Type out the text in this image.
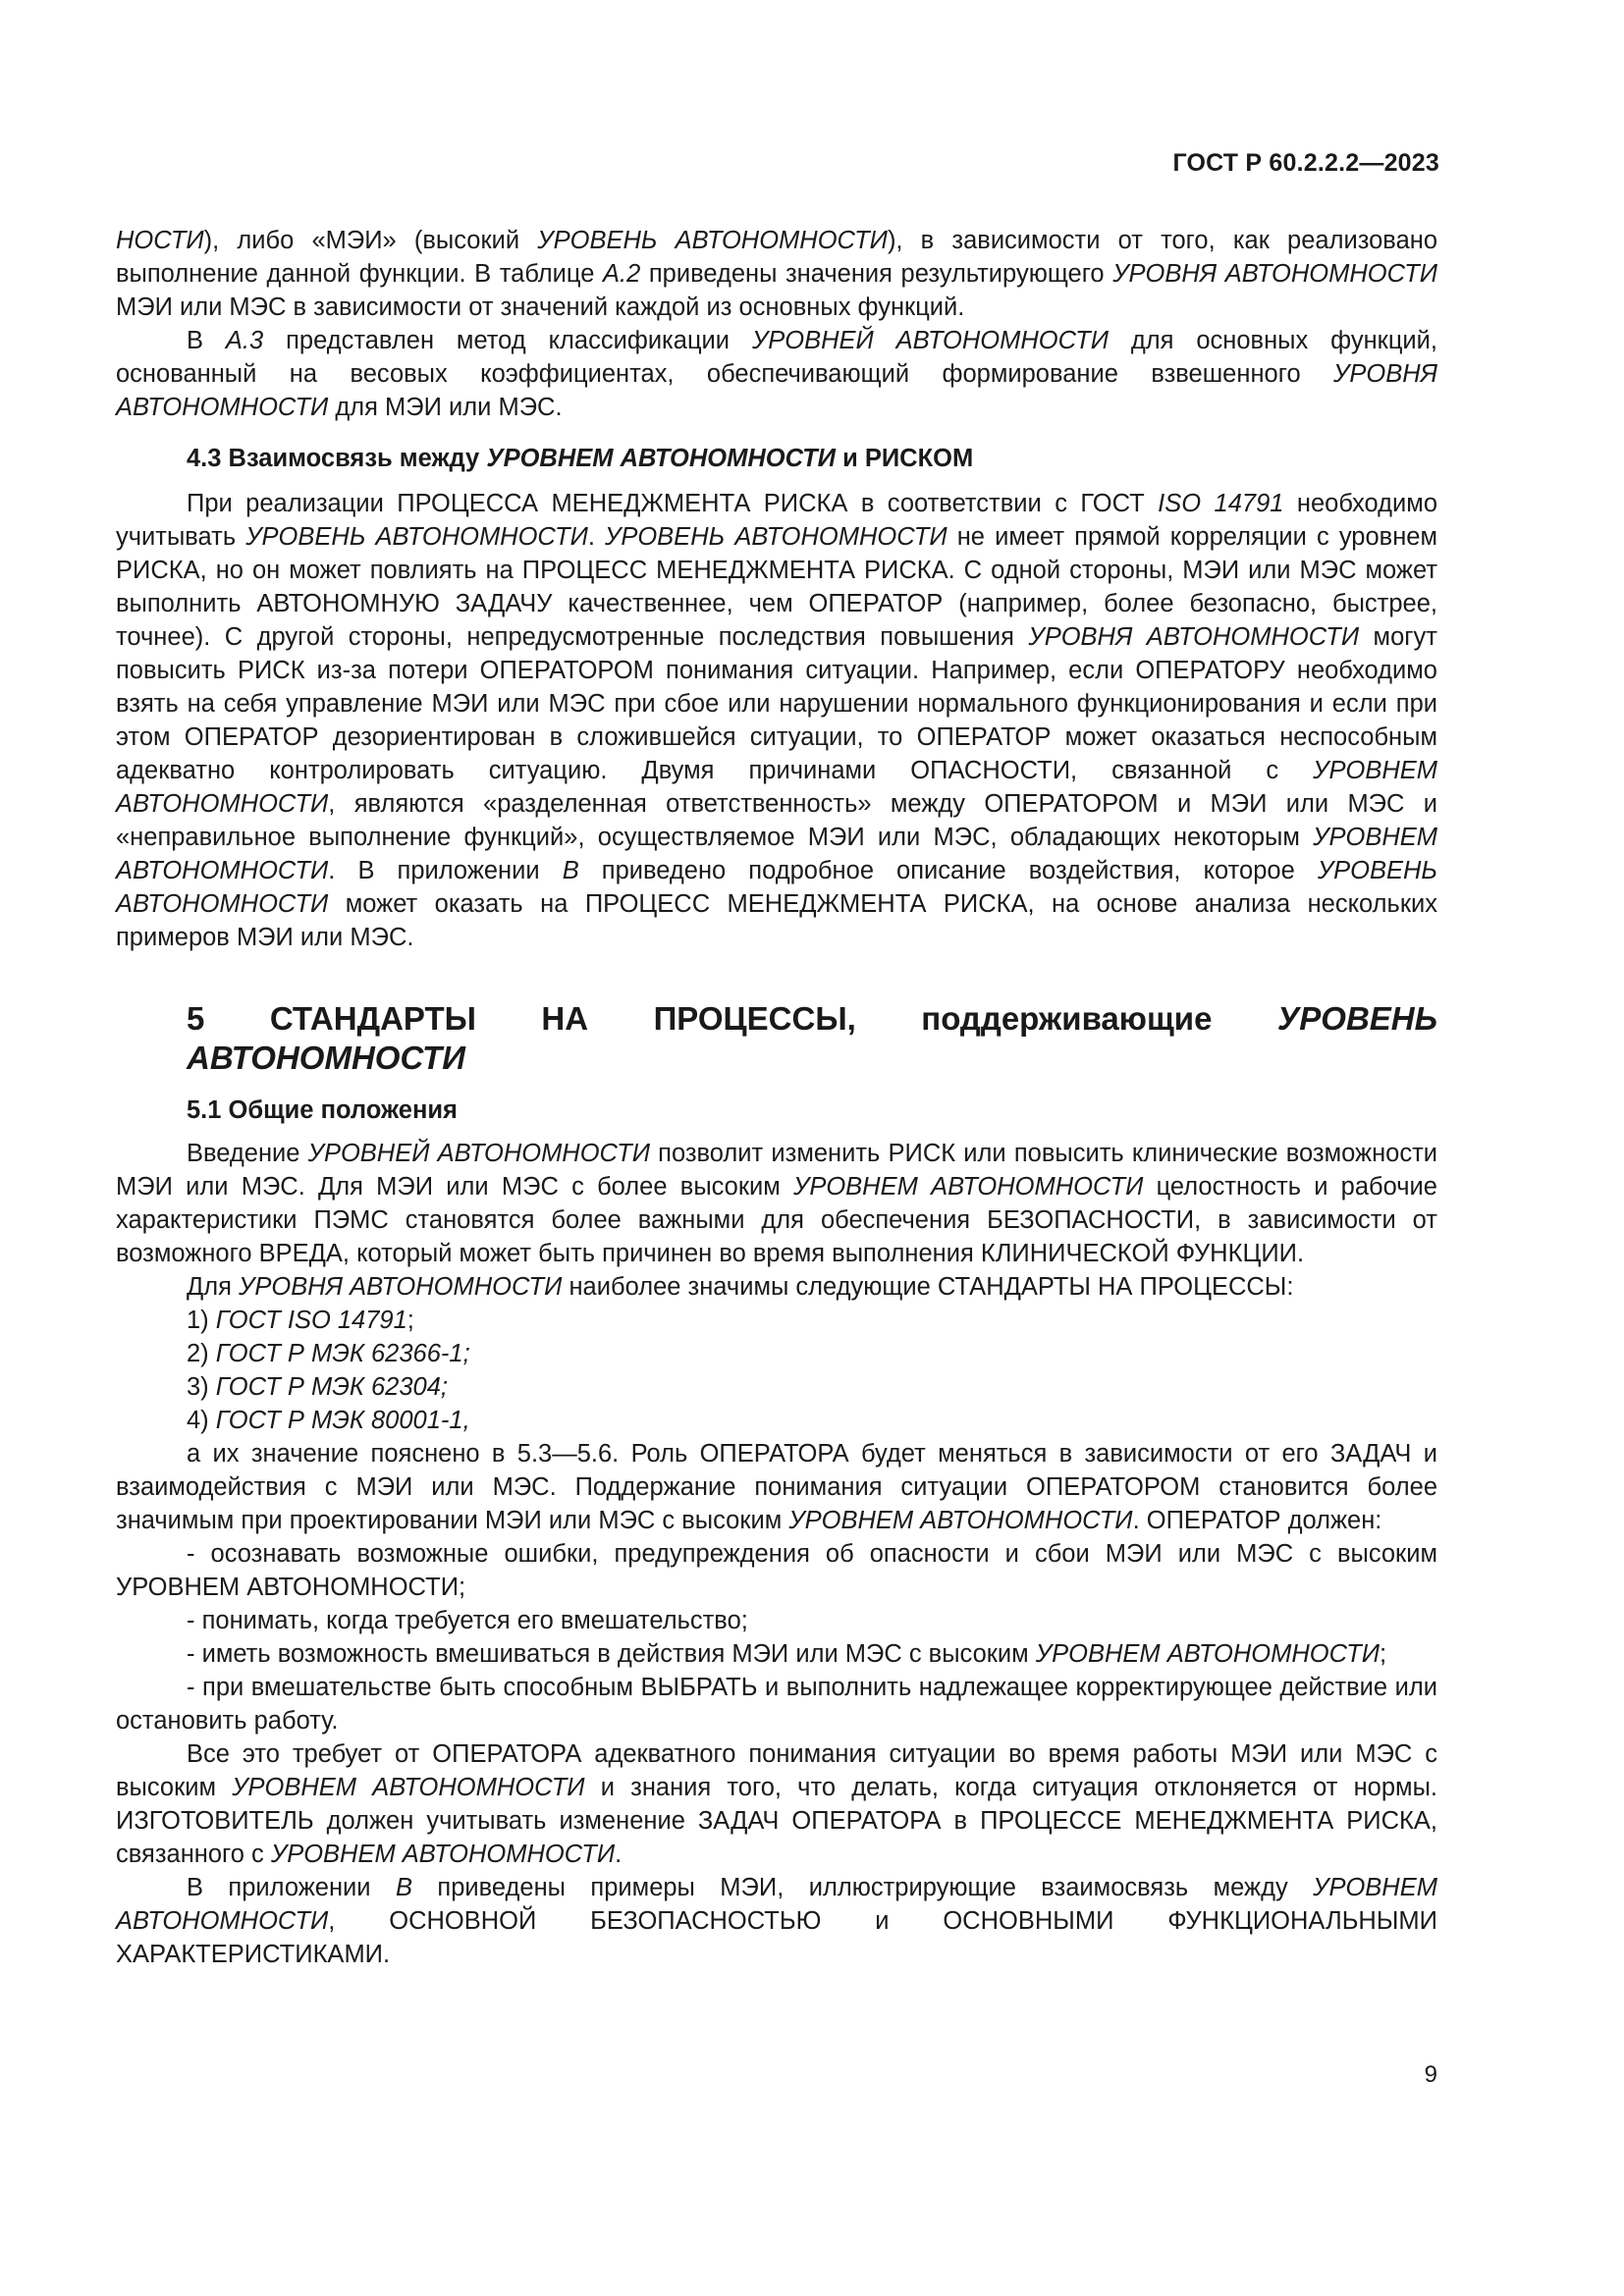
ГОСТ Р 60.2.2.2—2023

НОСТИ), либо «МЭИ» (высокий УРОВЕНЬ АВТОНОМНОСТИ), в зависимости от того, как реализовано выполнение данной функции. В таблице А.2 приведены значения результирующего УРОВНЯ АВТОНОМНОСТИ МЭИ или МЭС в зависимости от значений каждой из основных функций.

В А.3 представлен метод классификации УРОВНЕЙ АВТОНОМНОСТИ для основных функций, основанный на весовых коэффициентах, обеспечивающий формирование взвешенного УРОВНЯ АВТОНОМНОСТИ для МЭИ или МЭС.

4.3 Взаимосвязь между УРОВНЕМ АВТОНОМНОСТИ и РИСКОМ

При реализации ПРОЦЕССА МЕНЕДЖМЕНТА РИСКА в соответствии с ГОСТ ISO 14791 необходимо учитывать УРОВЕНЬ АВТОНОМНОСТИ. УРОВЕНЬ АВТОНОМНОСТИ не имеет прямой корреляции с уровнем РИСКА, но он может повлиять на ПРОЦЕСС МЕНЕДЖМЕНТА РИСКА. С одной стороны, МЭИ или МЭС может выполнить АВТОНОМНУЮ ЗАДАЧУ качественнее, чем ОПЕРАТОР (например, более безопасно, быстрее, точнее). С другой стороны, непредусмотренные последствия повышения УРОВНЯ АВТОНОМНОСТИ могут повысить РИСК из-за потери ОПЕРАТОРОМ понимания ситуации. Например, если ОПЕРАТОРУ необходимо взять на себя управление МЭИ или МЭС при сбое или нарушении нормального функционирования и если при этом ОПЕРАТОР дезориентирован в сложившейся ситуации, то ОПЕРАТОР может оказаться неспособным адекватно контролировать ситуацию. Двумя причинами ОПАСНОСТИ, связанной с УРОВНЕМ АВТОНОМНОСТИ, являются «разделенная ответственность» между ОПЕРАТОРОМ и МЭИ или МЭС и «неправильное выполнение функций», осуществляемое МЭИ или МЭС, обладающих некоторым УРОВНЕМ АВТОНОМНОСТИ. В приложении В приведено подробное описание воздействия, которое УРОВЕНЬ АВТОНОМНОСТИ может оказать на ПРОЦЕСС МЕНЕДЖМЕНТА РИСКА, на основе анализа нескольких примеров МЭИ или МЭС.

5 СТАНДАРТЫ НА ПРОЦЕССЫ, поддерживающие УРОВЕНЬ АВТОНОМНОСТИ

5.1 Общие положения

Введение УРОВНЕЙ АВТОНОМНОСТИ позволит изменить РИСК или повысить клинические возможности МЭИ или МЭС. Для МЭИ или МЭС с более высоким УРОВНЕМ АВТОНОМНОСТИ целостность и рабочие характеристики ПЭМС становятся более важными для обеспечения БЕЗОПАСНОСТИ, в зависимости от возможного ВРЕДА, который может быть причинен во время выполнения КЛИНИЧЕСКОЙ ФУНКЦИИ.

Для УРОВНЯ АВТОНОМНОСТИ наиболее значимы следующие СТАНДАРТЫ НА ПРОЦЕССЫ:

1) ГОСТ ISO 14791;

2) ГОСТ Р МЭК 62366-1;

3) ГОСТ Р МЭК 62304;

4) ГОСТ Р МЭК 80001-1,

а их значение пояснено в 5.3—5.6. Роль ОПЕРАТОРА будет меняться в зависимости от его ЗАДАЧ и взаимодействия с МЭИ или МЭС. Поддержание понимания ситуации ОПЕРАТОРОМ становится более значимым при проектировании МЭИ или МЭС с высоким УРОВНЕМ АВТОНОМНОСТИ. ОПЕРАТОР должен:

- осознавать возможные ошибки, предупреждения об опасности и сбои МЭИ или МЭС с высоким УРОВНЕМ АВТОНОМНОСТИ;

- понимать, когда требуется его вмешательство;

- иметь возможность вмешиваться в действия МЭИ или МЭС с высоким УРОВНЕМ АВТОНОМНОСТИ;

- при вмешательстве быть способным ВЫБРАТЬ и выполнить надлежащее корректирующее действие или остановить работу.

Все это требует от ОПЕРАТОРА адекватного понимания ситуации во время работы МЭИ или МЭС с высоким УРОВНЕМ АВТОНОМНОСТИ и знания того, что делать, когда ситуация отклоняется от нормы. ИЗГОТОВИТЕЛЬ должен учитывать изменение ЗАДАЧ ОПЕРАТОРА в ПРОЦЕССЕ МЕНЕДЖМЕНТА РИСКА, связанного с УРОВНЕМ АВТОНОМНОСТИ.

В приложении В приведены примеры МЭИ, иллюстрирующие взаимосвязь между УРОВНЕМ АВТОНОМНОСТИ, ОСНОВНОЙ БЕЗОПАСНОСТЬЮ и ОСНОВНЫМИ ФУНКЦИОНАЛЬНЫМИ ХАРАКТЕРИСТИКАМИ.

9
